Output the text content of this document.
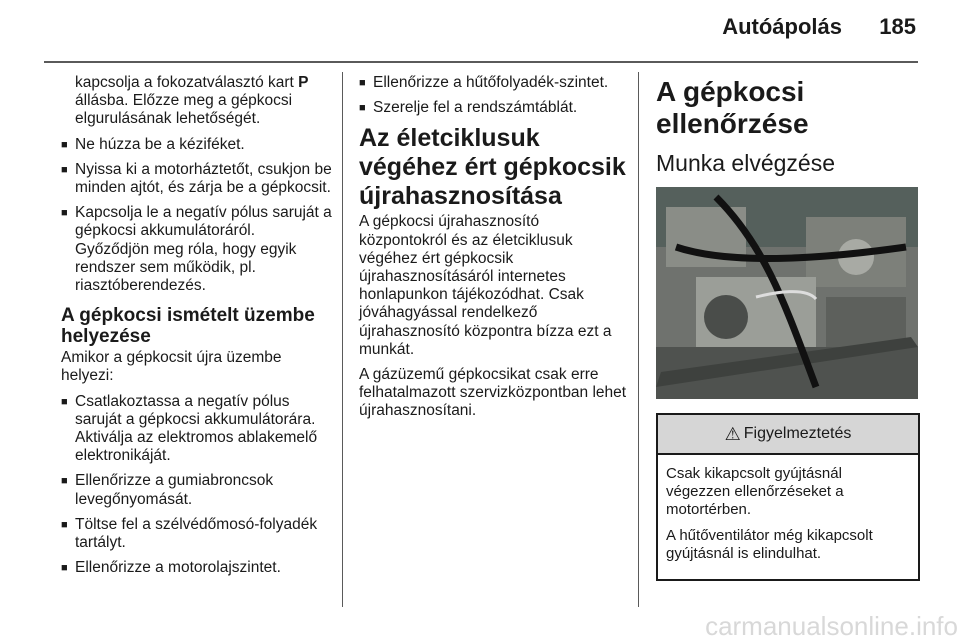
Autóápolás 185

kapcsolja a fokozatválasztó kart P állásba. Előzze meg a gépkocsi elgurulásának lehetőségét.

■ Ne húzza be a kéziféket.
■ Nyissa ki a motorháztetőt, csukjon be minden ajtót, és zárja be a gépkocsit.
■ Kapcsolja le a negatív pólus saruját a gépkocsi akkumulátoráról. Győződjön meg róla, hogy egyik rendszer sem működik, pl. riasztóberendezés.
A gépkocsi ismételt üzembe helyezése

Amikor a gépkocsit újra üzembe helyezi:

■ Csatlakoztassa a negatív pólus saruját a gépkocsi akkumulátorára. Aktiválja az elektromos ablakemelő elektronikáját.
■ Ellenőrizze a gumiabroncsok levegőnyomását.
■ Töltse fel a szélvédőmosó-folyadék tartályt.
■ Ellenőrizze a motorolajszintet.
■ Ellenőrizze a hűtőfolyadék-szintet.
■ Szerelje fel a rendszámtáblát.
Az életciklusuk végéhez ért gépkocsik újrahasznosítása

A gépkocsi újrahasznosító központokról és az életciklusuk végéhez ért gépkocsik újrahasznosításáról internetes honlapunkon tájékozódhat. Csak jóváhagyással rendelkező újrahasznosító központra bízza ezt a munkát.

A gázüzemű gépkocsikat csak erre felhatalmazott szervizközpontban lehet újrahasznosítani.

A gépkocsi ellenőrzése
Munka elvégzése
⚠ Figyelmeztetés

Csak kikapcsolt gyújtásnál végezzen ellenőrzéseket a motortérben.

A hűtőventilátor még kikapcsolt gyújtásnál is elindulhat.

carmanualsonline.info
